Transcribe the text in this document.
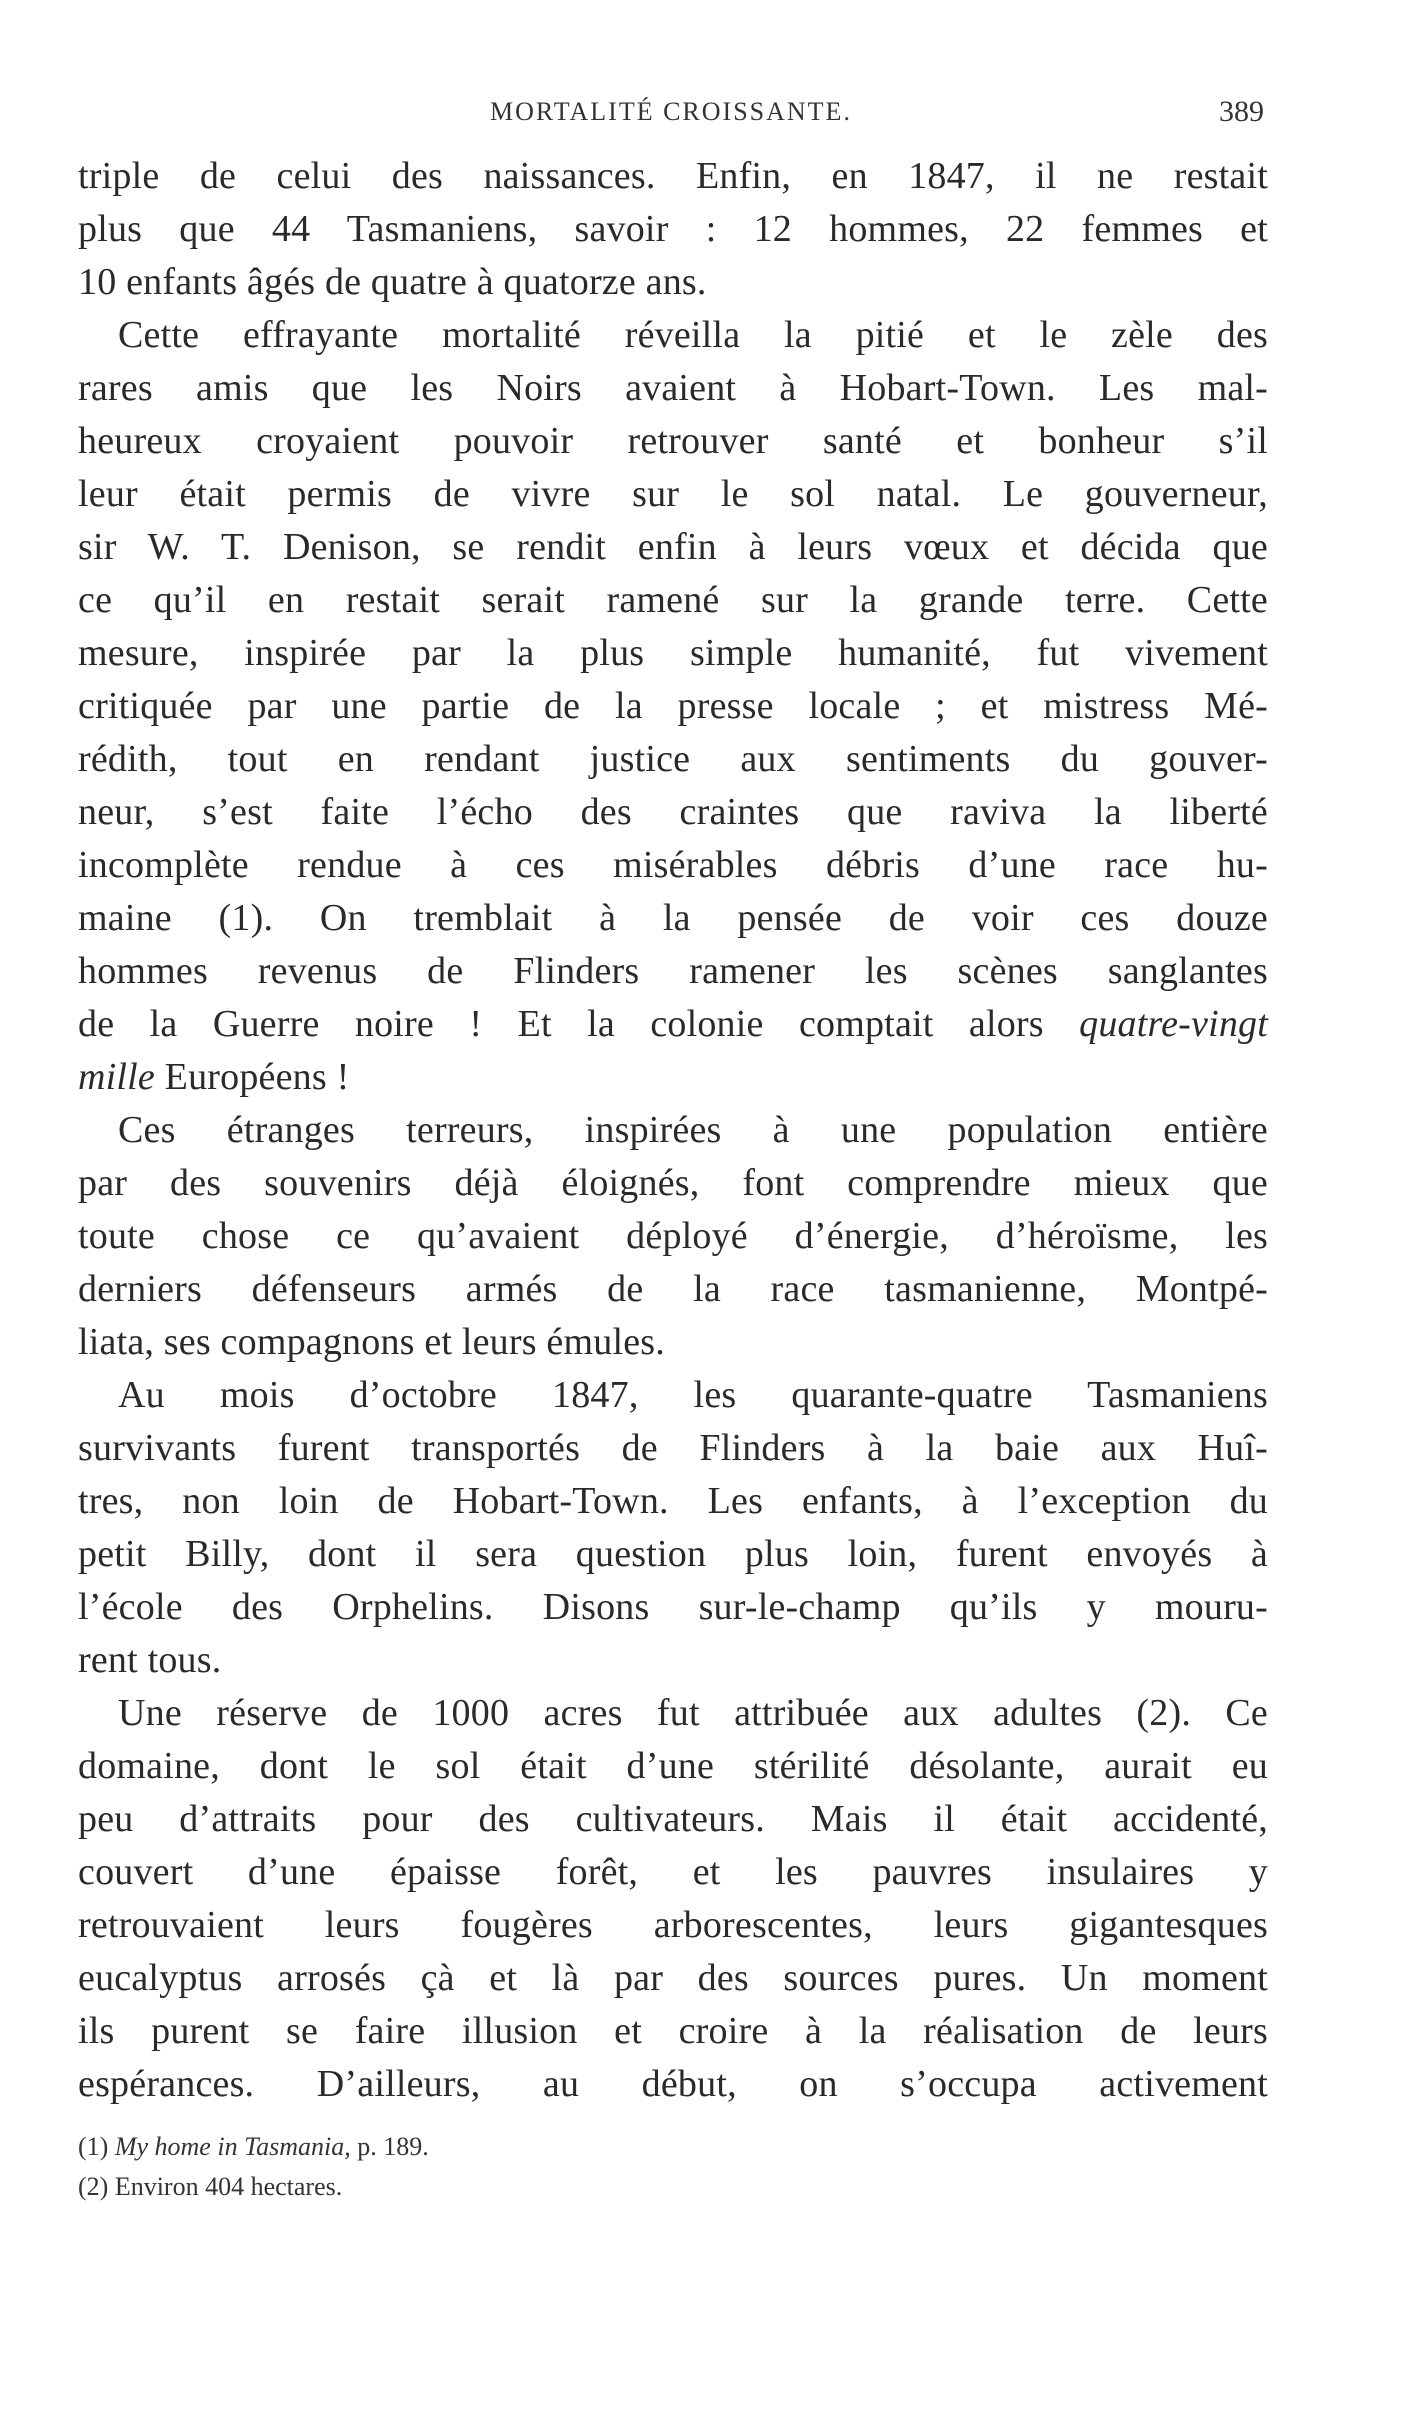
MORTALITÉ CROISSANTE.	389
triple de celui des naissances. Enfin, en 1847, il ne restait
plus que 44 Tasmaniens, savoir : 12 hommes, 22 femmes et
10 enfants âgés de quatre à quatorze ans.
Cette effrayante mortalité réveilla la pitié et le zèle des
rares amis que les Noirs avaient à Hobart-Town. Les mal-
heureux croyaient pouvoir retrouver santé et bonheur s’il
leur était permis de vivre sur le sol natal. Le gouverneur,
sir W. T. Denison, se rendit enfin à leurs vœux et décida que
ce qu’il en restait serait ramené sur la grande terre. Cette
mesure, inspirée par la plus simple humanité, fut vivement
critiquée par une partie de la presse locale ; et mistress Mé-
rédith, tout en rendant justice aux sentiments du gouver-
neur, s’est faite l’écho des craintes que raviva la liberté
incomplète rendue à ces misérables débris d’une race hu-
maine (1). On tremblait à la pensée de voir ces douze
hommes revenus de Flinders ramener les scènes sanglantes
de la Guerre noire ! Et la colonie comptait alors quatre-vingt
mille Européens !
Ces étranges terreurs, inspirées à une population entière
par des souvenirs déjà éloignés, font comprendre mieux que
toute chose ce qu’avaient déployé d’énergie, d’héroïsme, les
derniers défenseurs armés de la race tasmanienne, Montpé-
liata, ses compagnons et leurs émules.
Au mois d’octobre 1847, les quarante-quatre Tasmaniens
survivants furent transportés de Flinders à la baie aux Huî-
tres, non loin de Hobart-Town. Les enfants, à l’exception du
petit Billy, dont il sera question plus loin, furent envoyés à
l’école des Orphelins. Disons sur-le-champ qu’ils y mouru-
rent tous.
Une réserve de 1000 acres fut attribuée aux adultes (2). Ce
domaine, dont le sol était d’une stérilité désolante, aurait eu
peu d’attraits pour des cultivateurs. Mais il était accidenté,
couvert d’une épaisse forêt, et les pauvres insulaires y
retrouvaient leurs fougères arborescentes, leurs gigantesques
eucalyptus arrosés çà et là par des sources pures. Un moment
ils purent se faire illusion et croire à la réalisation de leurs
espérances. D’ailleurs, au début, on s’occupa activement
(1) My home in Tasmania, p. 189.
(2) Environ 404 hectares.
